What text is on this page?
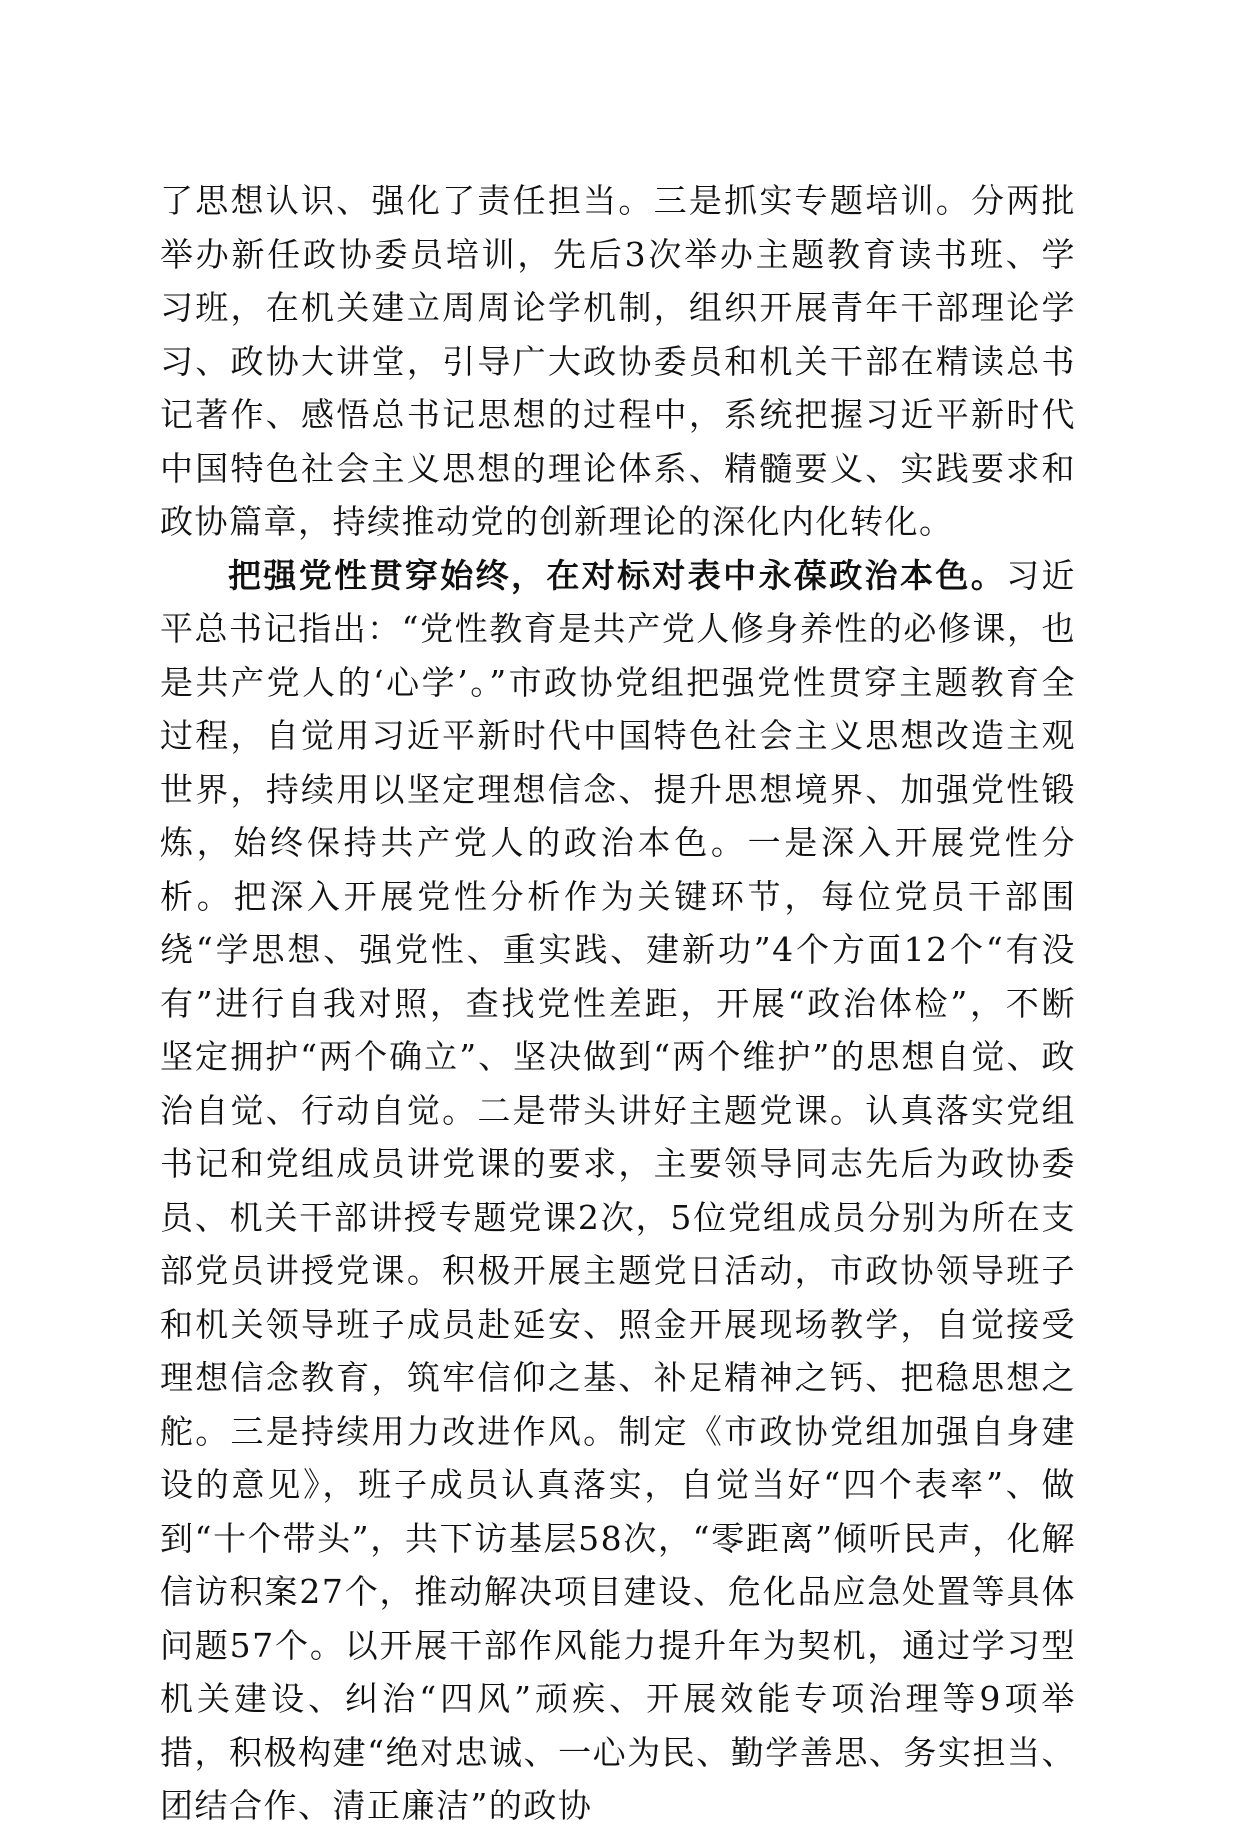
了思想认识、强化了责任担当。三是抓实专题培训。分两批举办新任政协委员培训，先后3次举办主题教育读书班、学习班，在机关建立周周论学机制，组织开展青年干部理论学习、政协大讲堂，引导广大政协委员和机关干部在精读总书记著作、感悟总书记思想的过程中，系统把握习近平新时代中国特色社会主义思想的理论体系、精髓要义、实践要求和政协篇章，持续推动党的创新理论的深化内化转化。

把强党性贯穿始终，在对标对表中永葆政治本色。习近平总书记指出：“党性教育是共产党人修身养性的必修课，也是共产党人的‘心学’。”市政协党组把强党性贯穿主题教育全过程，自觉用习近平新时代中国特色社会主义思想改造主观世界，持续用以坚定理想信念、提升思想境界、加强党性锻炼，始终保持共产党人的政治本色。一是深入开展党性分析。把深入开展党性分析作为关键环节，每位党员干部围绕“学思想、强党性、重实践、建新功”4个方面12个“有没有”进行自我对照，查找党性差距，开展“政治体检”，不断坚定拥护“两个确立”、坚决做到“两个维护”的思想自觉、政治自觉、行动自觉。二是带头讲好主题党课。认真落实党组书记和党组成员讲党课的要求，主要领导同志先后为政协委员、机关干部讲授专题党课2次，5位党组成员分别为所在支部党员讲授党课。积极开展主题党日活动，市政协领导班子和机关领导班子成员赴延安、照金开展现场教学，自觉接受理想信念教育，筑牢信仰之基、补足精神之钙、把稳思想之舵。三是持续用力改进作风。制定《市政协党组加强自身建设的意见》，班子成员认真落实，自觉当好“四个表率”、做到“十个带头”，共下访基层58次，“零距离”倾听民声，化解信访积案27个，推动解决项目建设、危化品应急处置等具体问题57个。以开展干部作风能力提升年为契机，通过学习型机关建设、纠治“四风”顽疾、开展效能专项治理等9项举措，积极构建“绝对忠诚、一心为民、勤学善思、务实担当、团结合作、清正廉洁”的政协
